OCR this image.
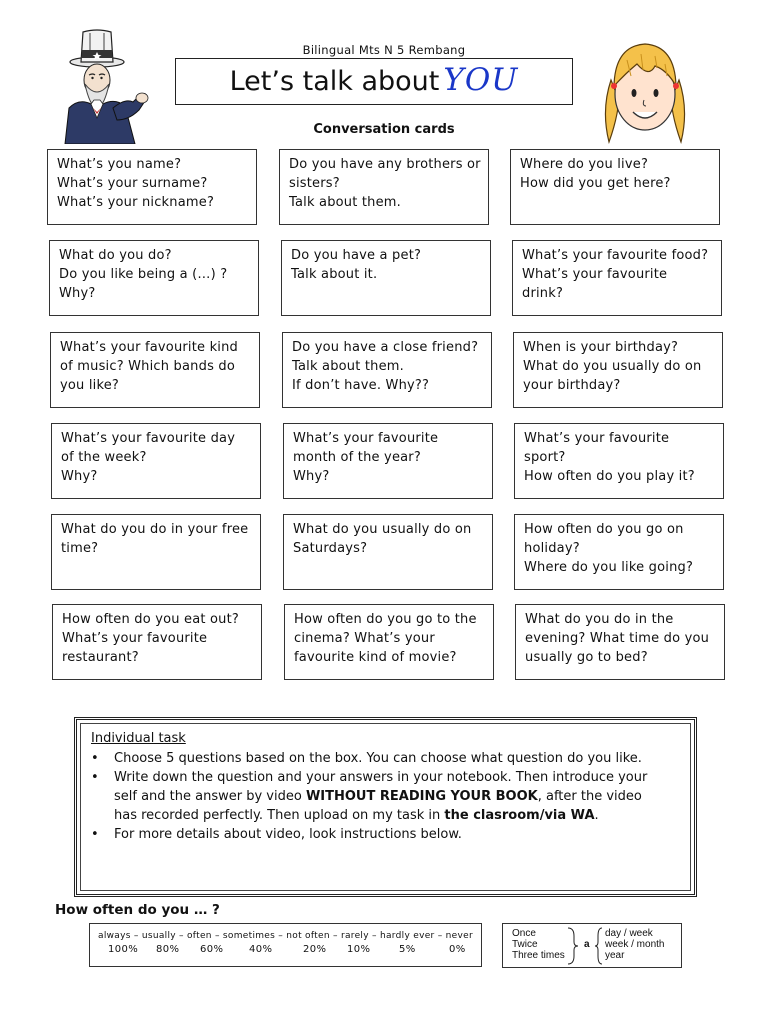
Bilingual Mts N 5 Rembang
Let’s talk about YOU
Conversation cards
What’s you name?
What’s your surname?
What’s your nickname?
Do you have any brothers or
sisters?
Talk about them.
Where do you live?
How did you get here?
What do you do?
Do you like being a (…) ?
Why?
Do you have a pet?
Talk about it.
What’s your favourite food?
What’s your favourite
drink?
What’s your favourite kind
of music? Which bands do
you like?
Do you have a close friend?
Talk about them.
If don’t have. Why??
When is your birthday?
What do you usually do on
your birthday?
What’s your favourite day
of the week?
Why?
What’s your favourite
month of the year?
Why?
What’s your favourite
sport?
How often do you play it?
What do you do in your free
time?
What do you usually do on
Saturdays?
How often do you go on
holiday?
Where do you like going?
How often do you eat out?
What’s your favourite
restaurant?
How often do you go to the
cinema? What’s your
favourite kind of movie?
What do you do in the
evening? What time do you
usually go to bed?
Individual task
• Choose 5 questions based on the box. You can choose what question do you like.
• Write down the question and your answers in your notebook. Then introduce your
self and the answer by video WITHOUT READING YOUR BOOK, after the video
has recorded perfectly. Then upload on my task in the clasroom/via WA.
• For more details about video, look instructions below.
How often do you … ?
always – usually – often – sometimes – not often – rarely – hardly ever – never
100% 80% 60%	40%	20% 10%	5%	0%
Once
Twice
Three times
a
day / week
week / month
year
